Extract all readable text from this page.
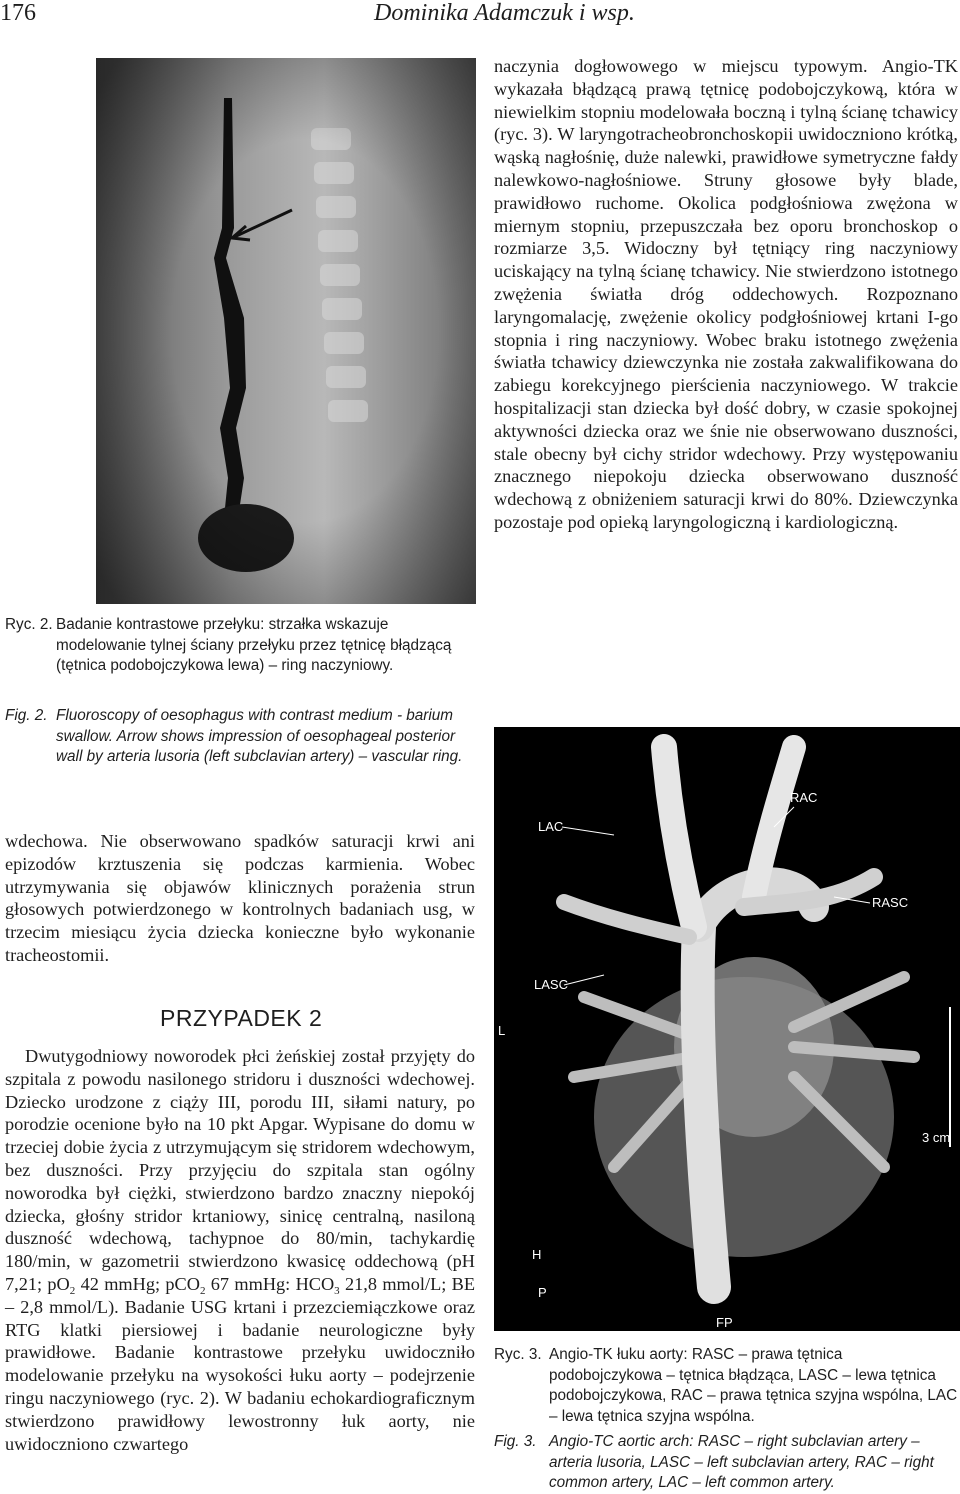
176	Dominika Adamczuk i wsp.
Ryc. 2. Badanie kontrastowe przełyku: strzałka wskazuje modelowanie tylnej ściany przełyku przez tętnicę błądzącą (tętnica podobojczykowa lewa) – ring naczyniowy.
Fig. 2. Fluoroscopy of oesophagus with contrast medium - barium swallow. Arrow shows impression of oesophageal posterior wall by arteria lusoria (left subclavian artery) – vascular ring.

naczynia dogłowowego w miejscu typowym. Angio-TK wykazała błądzącą prawą tętnicę podobojczykową, która w niewielkim stopniu modelowała boczną i tylną ścianę tchawicy (ryc. 3). W laryngotracheobronchoskopii uwidoczniono krótką, wąską nagłośnię, duże nalewki, prawidłowe symetryczne fałdy nalewkowo-nagłośniowe. Struny głosowe były blade, prawidłowo ruchome. Okolica podgłośniowa zwężona w miernym stopniu, przepuszczała bez oporu bronchoskop o rozmiarze 3,5. Widoczny był tętniący ring naczyniowy uciskający na tylną ścianę tchawicy. Nie stwierdzono istotnego zwężenia światła dróg oddechowych. Rozpoznano laryngomalację, zwężenie okolicy podgłośniowej krtani I-go stopnia i ring naczyniowy. Wobec braku istotnego zwężenia światła tchawicy dziewczynka nie została zakwalifikowana do zabiegu korekcyjnego pierścienia naczyniowego. W trakcie hospitalizacji stan dziecka był dość dobry, w czasie spokojnej aktywności dziecka oraz we śnie nie obserwowano duszności, stale obecny był cichy stridor wdechowy. Przy występowaniu znacznego niepokoju dziecka obserwowano duszność wdechową z obniżeniem saturacji krwi do 80%. Dziewczynka pozostaje pod opieką laryngologiczną i kardiologiczną.

wdechowa. Nie obserwowano spadków saturacji krwi ani epizodów krztuszenia się podczas karmienia. Wobec utrzymywania się objawów klinicznych porażenia strun głosowych potwierdzonego w kontrolnych badaniach usg, w trzecim miesiącu życia dziecka konieczne było wykonanie tracheostomii.

PRZYPADEK 2

Dwutygodniowy noworodek płci żeńskiej został przyjęty do szpitala z powodu nasilonego stridoru i duszności wdechowej. Dziecko urodzone z ciąży III, porodu III, siłami natury, po porodzie ocenione było na 10 pkt Apgar. Wypisane do domu w trzeciej dobie życia z utrzymującym się stridorem wdechowym, bez duszności. Przy przyjęciu do szpitala stan ogólny noworodka był ciężki, stwierdzono bardzo znaczny niepokój dziecka, głośny stridor krtaniowy, sinicę centralną, nasiloną duszność wdechową, tachypnoe do 80/min, tachykardię 180/min, w gazometrii stwierdzono kwasicę oddechową (pH 7,21; $pO_2$ 42 mmHg; pCO$_2$ 67 mmHg: $HCO_3$ 21,8 mmol/L; BE – 2,8 mmol/L). Badanie USG krtani i przezciemiączkowe oraz RTG klatki piersiowej i badanie neurologiczne były prawidłowe. Badanie kontrastowe przełyku uwidoczniło modelowanie przełyku na wysokości łuku aorty – podejrzenie ringu naczyniowego (ryc. 2). W badaniu echokardiograficznym stwierdzono prawidłowy lewostronny łuk aorty, nie uwidoczniono czwartego

RAC
LAC
RASC
LASC
L
3 cm
H
P
FP
Ryc. 3. Angio-TK łuku aorty: RASC – prawa tętnica podobojczykowa – tętnica błądząca, LASC – lewa tętnica podobojczykowa, RAC – prawa tętnica szyjna wspólna, LAC – lewa tętnica szyjna wspólna.
Fig. 3. Angio-TC aortic arch: RASC – right subclavian artery – arteria lusoria, LASC – left subclavian artery, RAC – right common artery, LAC – left common artery.
